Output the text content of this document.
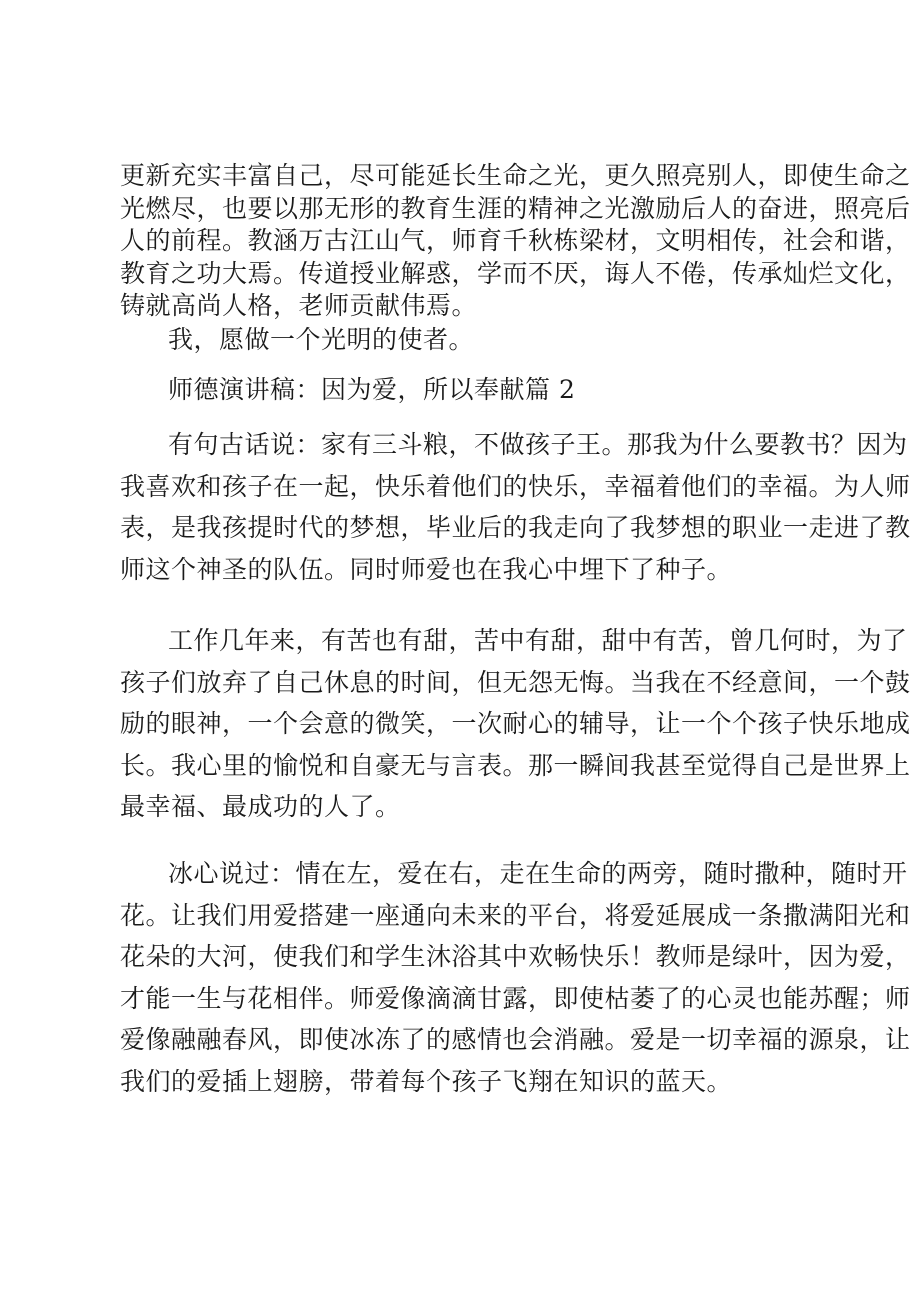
更新充实丰富自己，尽可能延长生命之光，更久照亮别人，即使生命之
光燃尽，也要以那无形的教育生涯的精神之光激励后人的奋进，照亮后
人的前程。教涵万古江山气，师育千秋栋梁材，文明相传，社会和谐，
教育之功大焉。传道授业解惑，学而不厌，诲人不倦，传承灿烂文化，
铸就高尚人格，老师贡献伟焉。

我，愿做一个光明的使者。

师德演讲稿：因为爱，所以奉献篇 2

有句古话说：家有三斗粮，不做孩子王。那我为什么要教书？因为
我喜欢和孩子在一起，快乐着他们的快乐，幸福着他们的幸福。为人师
表，是我孩提时代的梦想，毕业后的我走向了我梦想的职业一走进了教
师这个神圣的队伍。同时师爱也在我心中埋下了种子。

工作几年来，有苦也有甜，苦中有甜，甜中有苦，曾几何时，为了
孩子们放弃了自己休息的时间，但无怨无悔。当我在不经意间，一个鼓
励的眼神，一个会意的微笑，一次耐心的辅导，让一个个孩子快乐地成
长。我心里的愉悦和自豪无与言表。那一瞬间我甚至觉得自己是世界上
最幸福、最成功的人了。

冰心说过：情在左，爱在右，走在生命的两旁，随时撒种，随时开
花。让我们用爱搭建一座通向未来的平台，将爱延展成一条撒满阳光和
花朵的大河，使我们和学生沐浴其中欢畅快乐！教师是绿叶，因为爱，
才能一生与花相伴。师爱像滴滴甘露，即使枯萎了的心灵也能苏醒；师
爱像融融春风，即使冰冻了的感情也会消融。爱是一切幸福的源泉，让
我们的爱插上翅膀，带着每个孩子飞翔在知识的蓝天。
